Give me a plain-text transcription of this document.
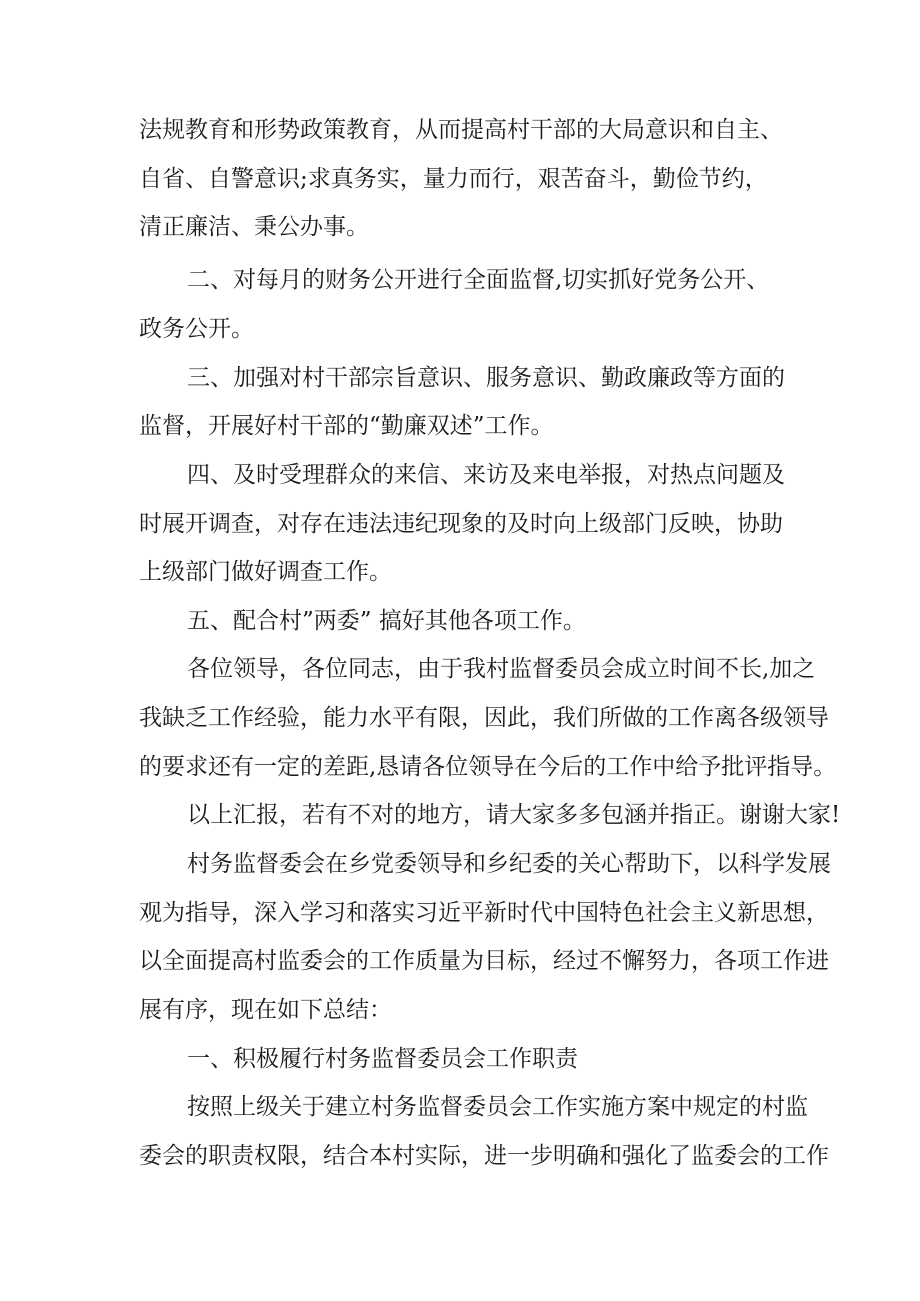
法规教育和形势政策教育，从而提高村干部的大局意识和自主、
自省、自警意识;求真务实，量力而行，艰苦奋斗，勤俭节约，
清正廉洁、秉公办事。
二、对每月的财务公开进行全面监督,切实抓好党务公开、
政务公开。
三、加强对村干部宗旨意识、服务意识、勤政廉政等方面的
监督，开展好村干部的“勤廉双述”工作。
四、及时受理群众的来信、来访及来电举报，对热点问题及
时展开调查，对存在违法违纪现象的及时向上级部门反映，协助
上级部门做好调查工作。
五、配合村”两委” 搞好其他各项工作。
各位领导，各位同志，由于我村监督委员会成立时间不长,加之
我缺乏工作经验，能力水平有限，因此，我们所做的工作离各级领导
的要求还有一定的差距,恳请各位领导在今后的工作中给予批评指导。
以上汇报，若有不对的地方，请大家多多包涵并指正。谢谢大家!
村务监督委会在乡党委领导和乡纪委的关心帮助下，以科学发展
观为指导，深入学习和落实习近平新时代中国特色社会主义新思想，
以全面提高村监委会的工作质量为目标，经过不懈努力，各项工作进
展有序，现在如下总结：
一、积极履行村务监督委员会工作职责
按照上级关于建立村务监督委员会工作实施方案中规定的村监
委会的职责权限，结合本村实际，进一步明确和强化了监委会的工作
